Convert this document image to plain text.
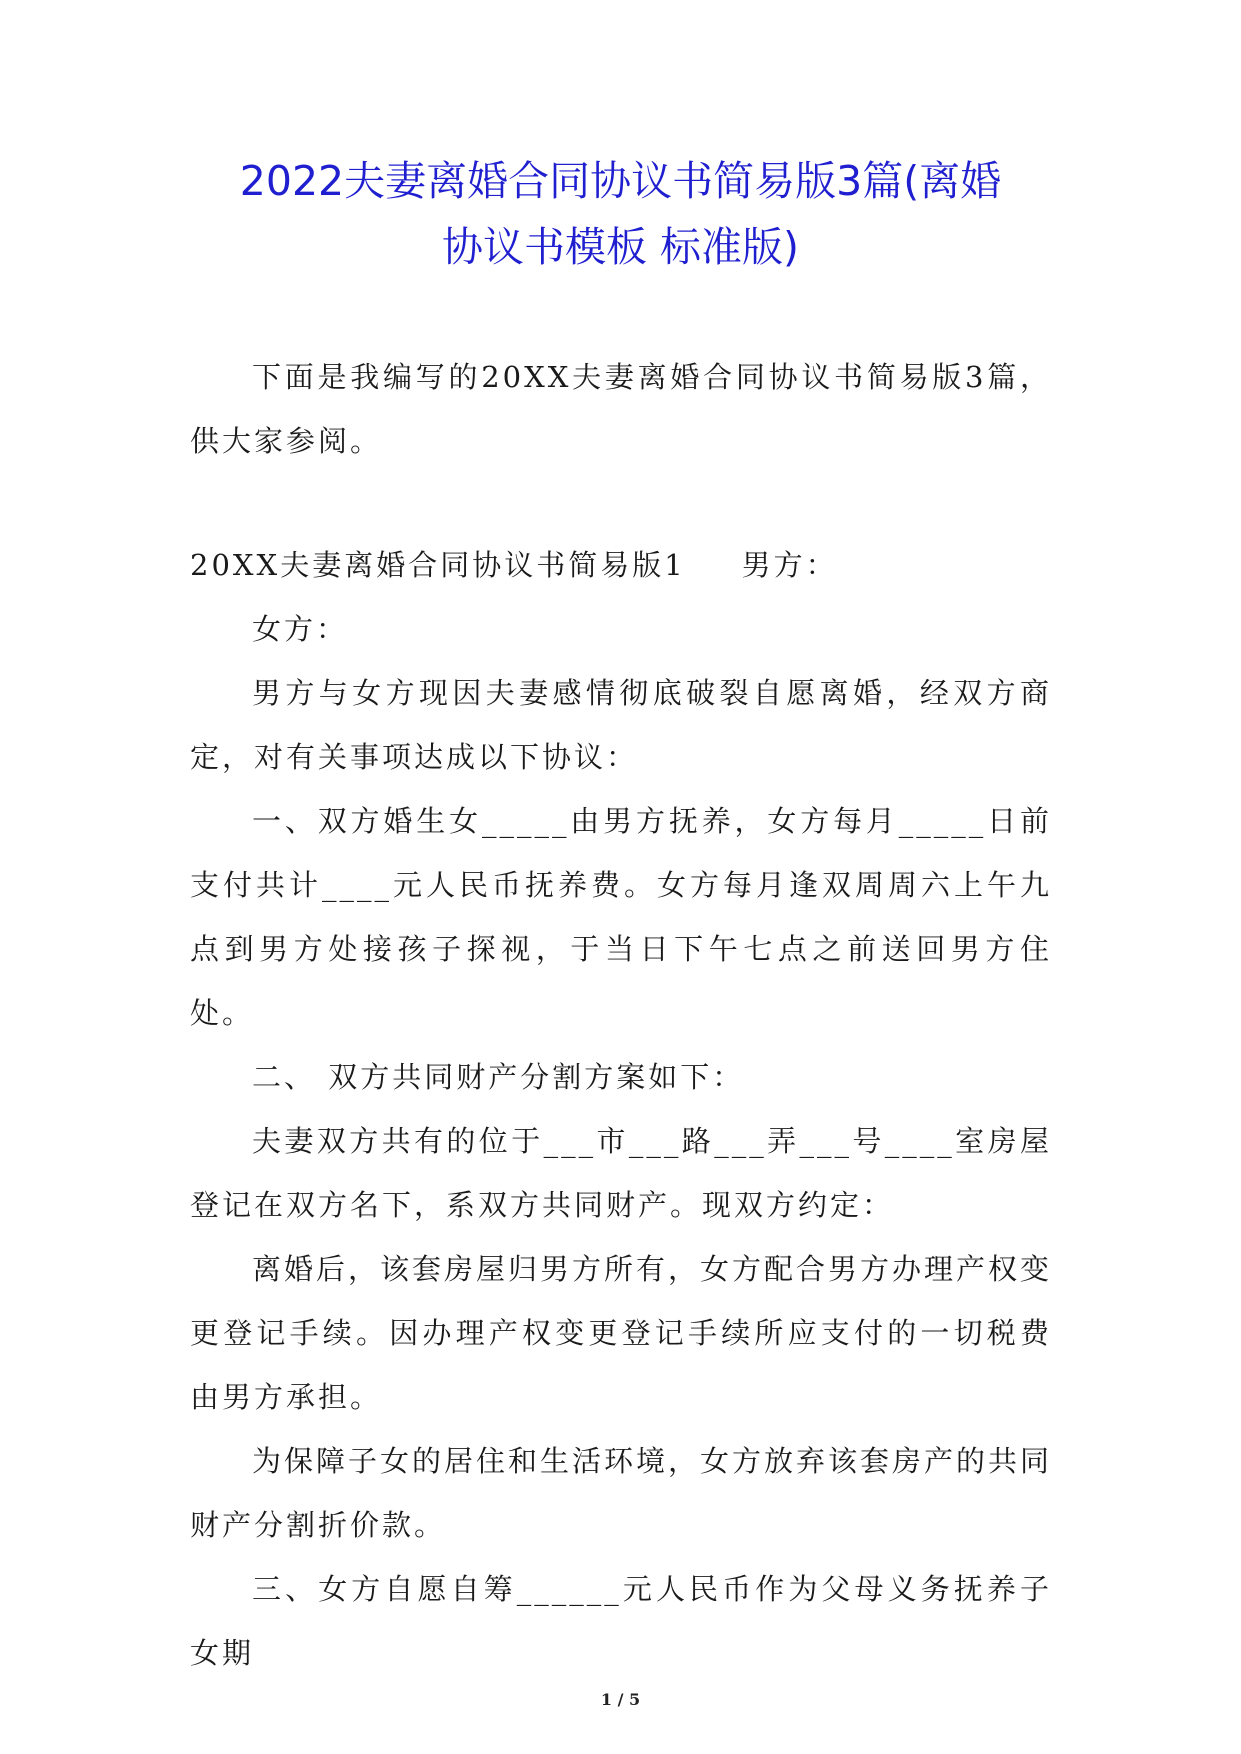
2022夫妻离婚合同协议书简易版3篇(离婚
协议书模板 标准版)

下面是我编写的20XX夫妻离婚合同协议书简易版3篇，供大家参阅。

20XX夫妻离婚合同协议书简易版1 男方：

女方：

男方与女方现因夫妻感情彻底破裂自愿离婚，经双方商定，对有关事项达成以下协议：

一、双方婚生女_____由男方抚养，女方每月_____日前支付共计____元人民币抚养费。女方每月逢双周周六上午九点到男方处接孩子探视，于当日下午七点之前送回男方住处。

二、 双方共同财产分割方案如下：

夫妻双方共有的位于___市___路___弄___号____室房屋登记在双方名下，系双方共同财产。现双方约定：

离婚后，该套房屋归男方所有，女方配合男方办理产权变更登记手续。因办理产权变更登记手续所应支付的一切税费由男方承担。

为保障子女的居住和生活环境，女方放弃该套房产的共同财产分割折价款。

三、女方自愿自筹______元人民币作为父母义务抚养子女期

1 / 5
